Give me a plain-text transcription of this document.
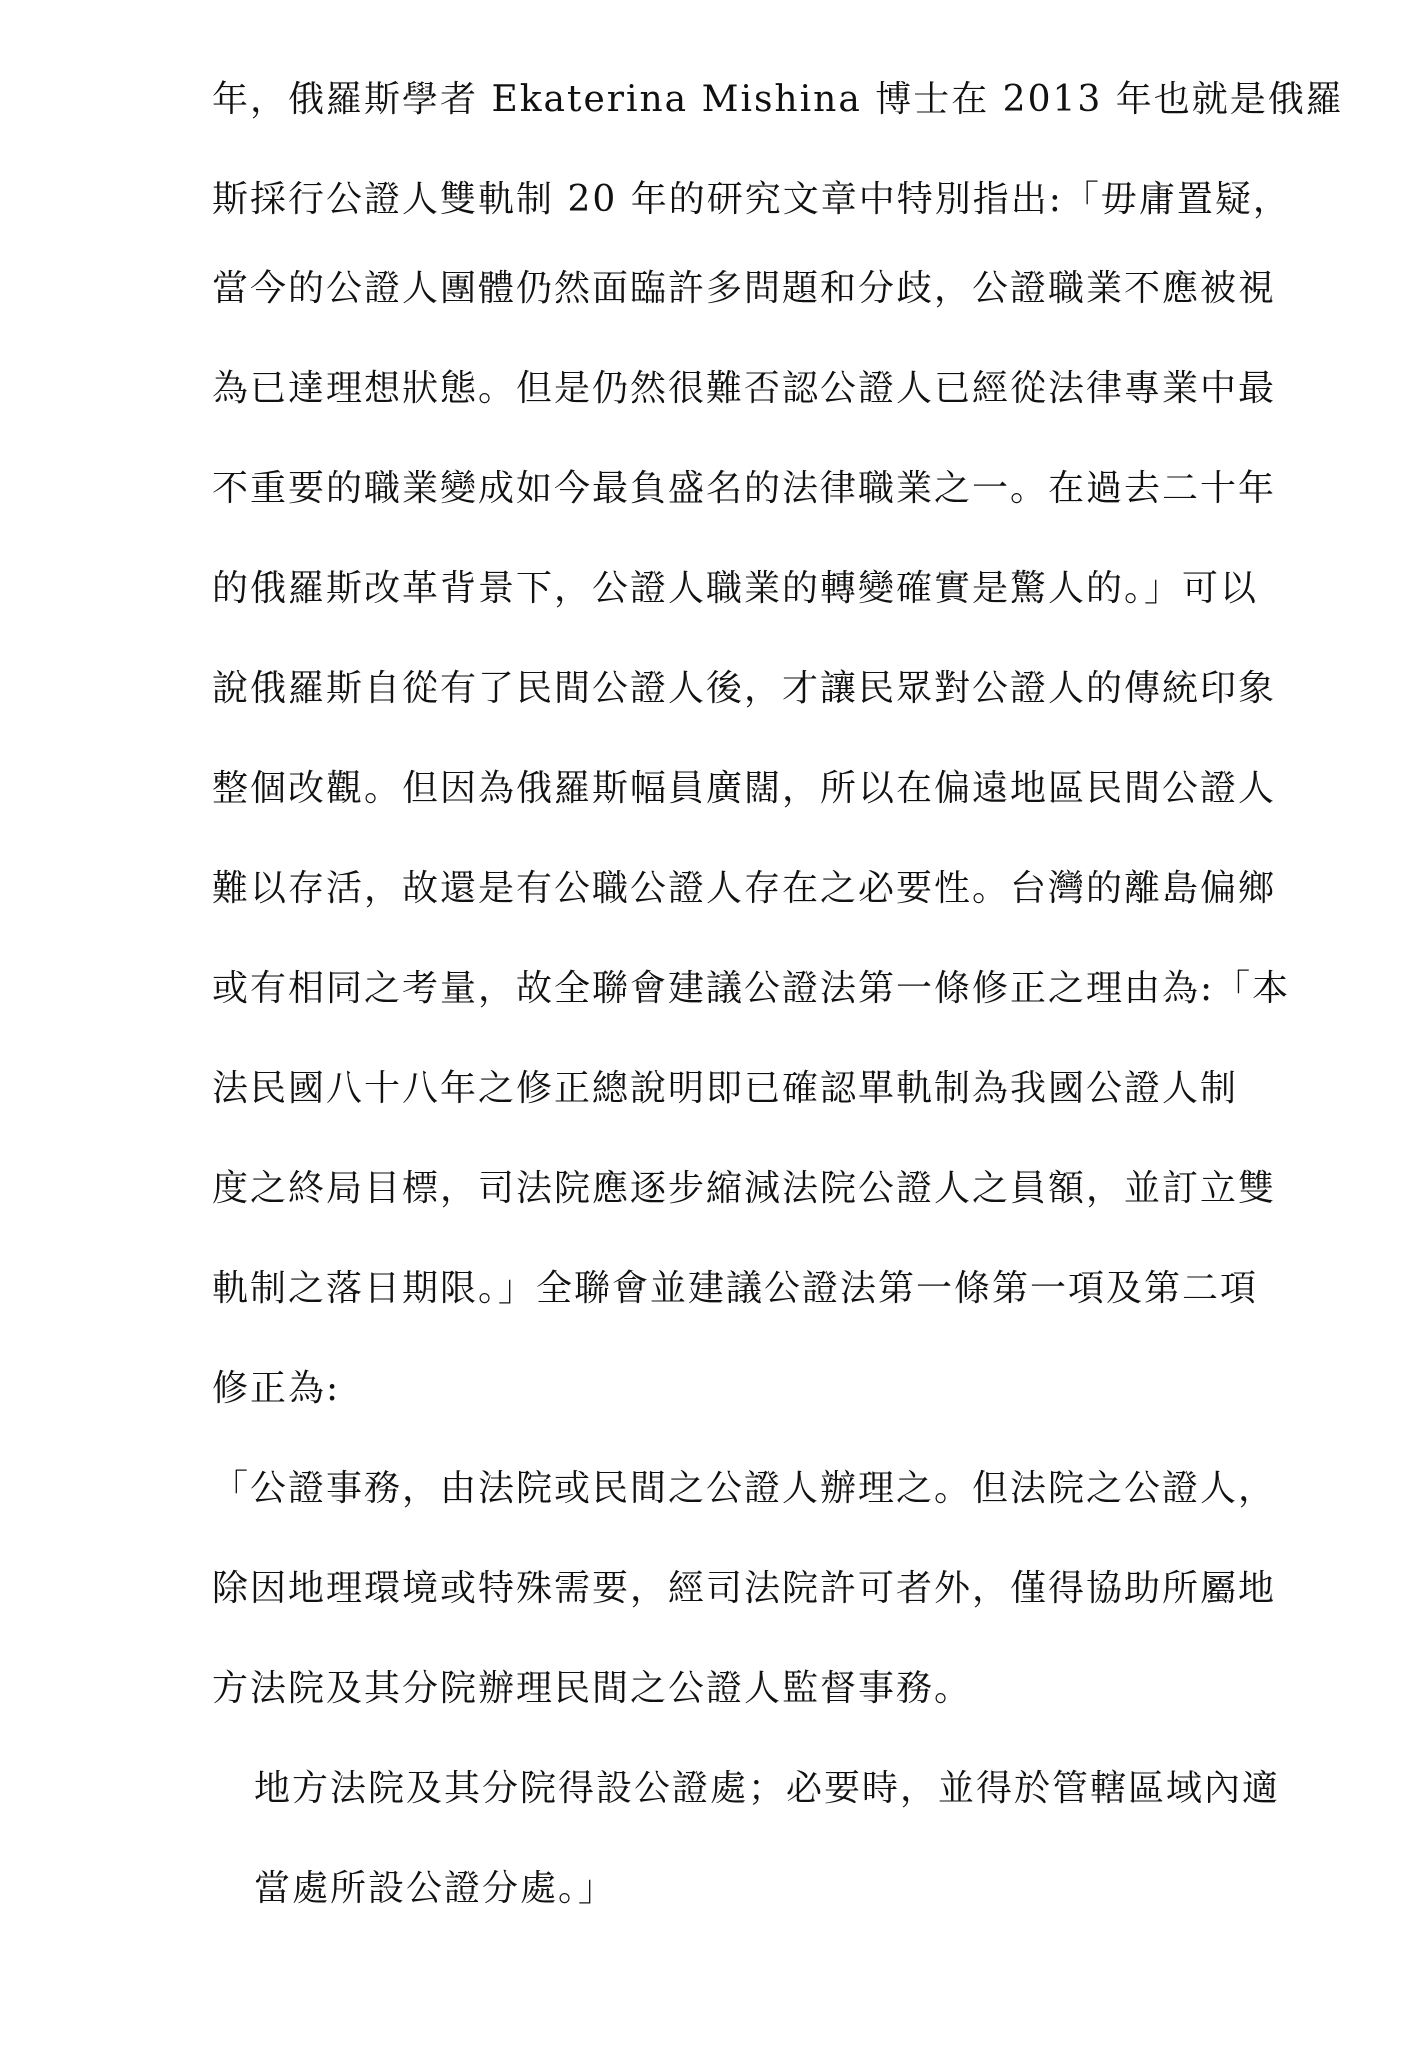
年，俄羅斯學者 Ekaterina Mishina 博士在 2013 年也就是俄羅
斯採行公證人雙軌制 20 年的研究文章中特別指出:「毋庸置疑，
當今的公證人團體仍然面臨許多問題和分歧，公證職業不應被視
為已達理想狀態。但是仍然很難否認公證人已經從法律專業中最
不重要的職業變成如今最負盛名的法律職業之一。在過去二十年
的俄羅斯改革背景下，公證人職業的轉變確實是驚人的。」可以
說俄羅斯自從有了民間公證人後，才讓民眾對公證人的傳統印象
整個改觀。但因為俄羅斯幅員廣闊，所以在偏遠地區民間公證人
難以存活，故還是有公職公證人存在之必要性。台灣的離島偏鄉
或有相同之考量，故全聯會建議公證法第一條修正之理由為:「本
法民國八十八年之修正總說明即已確認單軌制為我國公證人制
度之終局目標，司法院應逐步縮減法院公證人之員額，並訂立雙
軌制之落日期限。」全聯會並建議公證法第一條第一項及第二項
修正為:
「公證事務，由法院或民間之公證人辦理之。但法院之公證人，
除因地理環境或特殊需要，經司法院許可者外，僅得協助所屬地
方法院及其分院辦理民間之公證人監督事務。
地方法院及其分院得設公證處；必要時，並得於管轄區域內適
當處所設公證分處。」
